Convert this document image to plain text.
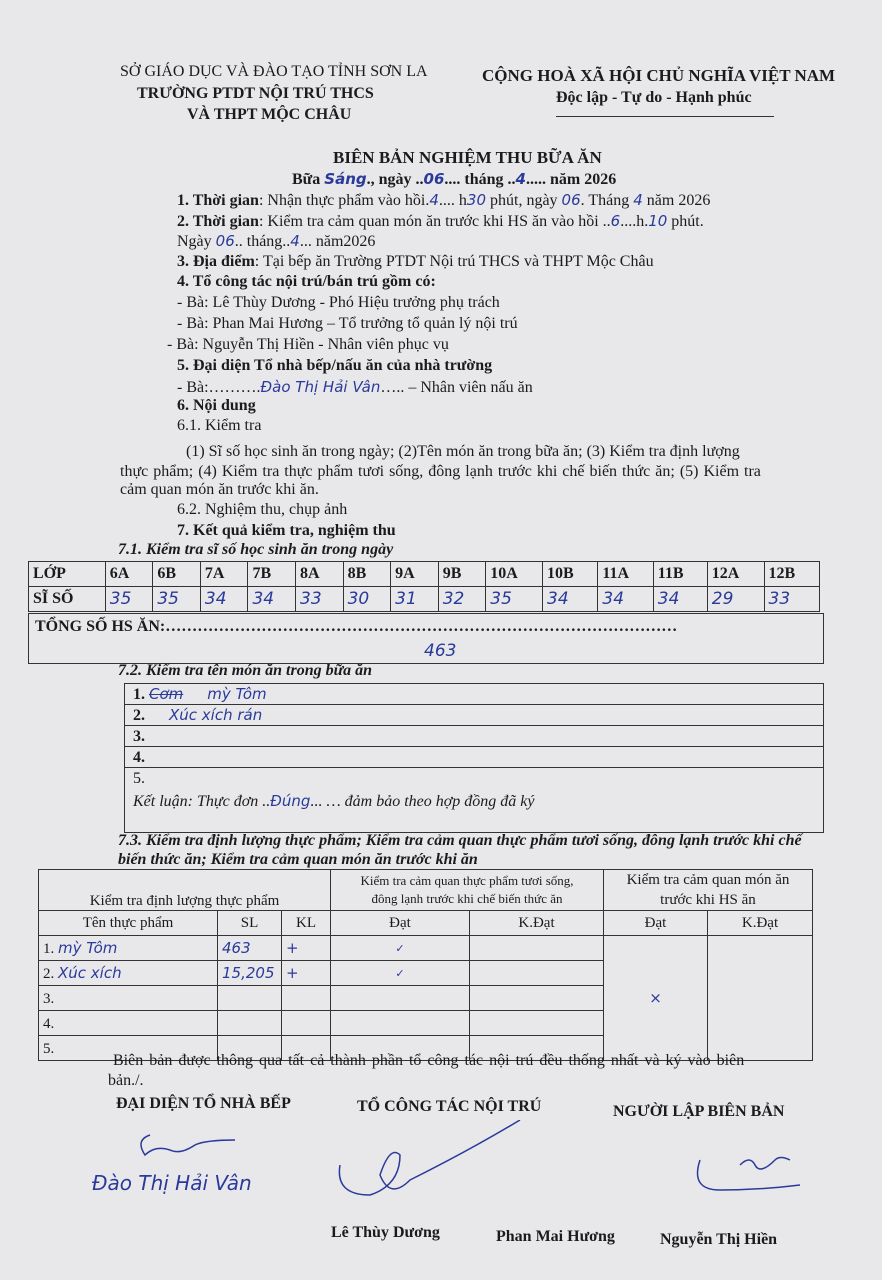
SỞ GIÁO DỤC VÀ ĐÀO TẠO TỈNH SƠN LA
TRƯỜNG PTDT NỘI TRÚ THCS
VÀ THPT MỘC CHÂU
CỘNG HOÀ XÃ HỘI CHỦ NGHĨA VIỆT NAM
Độc lập - Tự do - Hạnh phúc
BIÊN BẢN NGHIỆM THU BỮA ĂN
Bữa Sáng., ngày ..06.... tháng ..4..... năm 2026
1. Thời gian: Nhận thực phẩm vào hồi.4.... h30 phút, ngày 06. Tháng 4 năm 2026
2. Thời gian: Kiểm tra cảm quan món ăn trước khi HS ăn vào hồi ..6....h.10 phút.
Ngày 06.. tháng..4... năm2026
3. Địa điểm: Tại bếp ăn Trường PTDT Nội trú THCS và THPT Mộc Châu
4. Tổ công tác nội trú/bán trú gồm có:
- Bà: Lê Thùy Dương - Phó Hiệu trưởng phụ trách
- Bà: Phan Mai Hương – Tổ trưởng tổ quản lý nội trú
- Bà: Nguyễn Thị Hiền - Nhân viên phục vụ
5. Đại diện Tổ nhà bếp/nấu ăn của nhà trường
- Bà:……….Đào Thị Hải Vân….. – Nhân viên nấu ăn
6. Nội dung
6.1. Kiểm tra
(1) Sĩ số học sinh ăn trong ngày; (2)Tên món ăn trong bữa ăn; (3) Kiểm tra định lượng
thực phẩm; (4) Kiểm tra thực phẩm tươi sống, đông lạnh trước khi chế biến thức ăn; (5) Kiểm tra
cảm quan món ăn trước khi ăn.
6.2. Nghiệm thu, chụp ảnh
7. Kết quả kiểm tra, nghiệm thu
7.1. Kiểm tra sĩ số học sinh ăn trong ngày
LỚP	6A	6B	7A	7B	8A	8B	9A	9B	10A	10B	11A	11B	12A	12B
SĨ SỐ	35	35	34	34	33	30	31	32	35	34	34	34	29	33
TỔNG SỐ HS ĂN:……………………………………………………………………………………
463
7.2. Kiểm tra tên món ăn trong bữa ăn
1. Cơm mỳ Tôm
2. Xúc xích rán
3.
4.
5.
Kết luận: Thực đơn ..Đúng... … đảm bảo theo hợp đồng đã ký
7.3. Kiểm tra định lượng thực phẩm; Kiểm tra cảm quan thực phẩm tươi sống, đông lạnh trước khi chế
biến thức ăn; Kiểm tra cảm quan món ăn trước khi ăn
Kiểm tra định lượng thực phẩm			Kiểm tra cảm quan thực phẩm tươi sống, đông lạnh trước khi chế biến thức ăn		Kiểm tra cảm quan món ăn trước khi HS ăn	
Tên thực phẩm	SL	KL	Đạt	K.Đạt	Đạt	K.Đạt
1. mỳ Tôm	463	+	✓		×	
2. Xúc xích	15,205	+	✓			
3.						
4.						
5.						
Biên bản được thông qua tất cả thành phần tổ công tác nội trú đều thống nhất và ký vào biên
bản./.
ĐẠI DIỆN TỔ NHÀ BẾP	TỔ CÔNG TÁC NỘI TRÚ	NGƯỜI LẬP BIÊN BẢN
Đào Thị Hải Vân
Lê Thùy Dương	Phan Mai Hương	Nguyễn Thị Hiền
